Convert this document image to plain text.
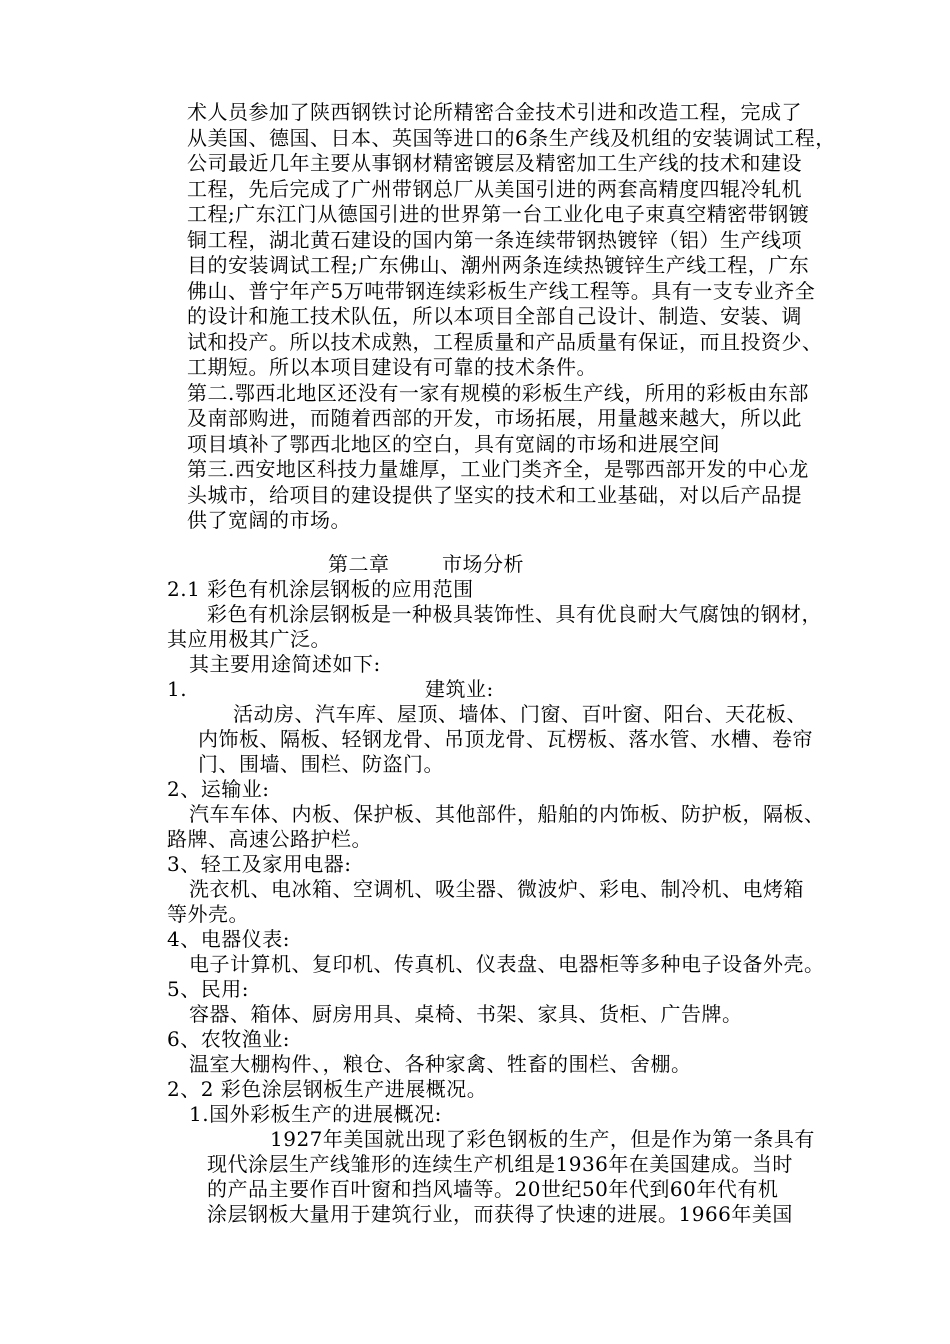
术人员参加了陕西钢铁讨论所精密合金技术引进和改造工程，完成了

从美国、德国、日本、英国等进口的6条生产线及机组的安装调试工程，

公司最近几年主要从事钢材精密镀层及精密加工生产线的技术和建设

工程，先后完成了广州带钢总厂从美国引进的两套高精度四辊冷轧机

工程;广东江门从德国引进的世界第一台工业化电子束真空精密带钢镀

铜工程，湖北黄石建设的国内第一条连续带钢热镀锌（铝）生产线项

目的安装调试工程;广东佛山、潮州两条连续热镀锌生产线工程，广东

佛山、普宁年产5万吨带钢连续彩板生产线工程等。具有一支专业齐全

的设计和施工技术队伍，所以本项目全部自己设计、制造、安装、调

试和投产。所以技术成熟，工程质量和产品质量有保证，而且投资少、

工期短。所以本项目建设有可靠的技术条件。

第二.鄂西北地区还没有一家有规模的彩板生产线，所用的彩板由东部

及南部购进，而随着西部的开发，市场拓展，用量越来越大，所以此

项目填补了鄂西北地区的空白，具有宽阔的市场和进展空间

第三.西安地区科技力量雄厚，工业门类齐全，是鄂西部开发的中心龙

头城市，给项目的建设提供了坚实的技术和工业基础，对以后产品提

供了宽阔的市场。

第二章	市场分析

2.1 彩色有机涂层钢板的应用范围

彩色有机涂层钢板是一种极具装饰性、具有优良耐大气腐蚀的钢材，

其应用极其广泛。

其主要用途简述如下:

1.	建筑业:

活动房、汽车库、屋顶、墙体、门窗、百叶窗、阳台、天花板、

内饰板、隔板、轻钢龙骨、吊顶龙骨、瓦楞板、落水管、水槽、卷帘

门、围墙、围栏、防盗门。

2、运输业:

汽车车体、内板、保护板、其他部件，船舶的内饰板、防护板，隔板、

路牌、高速公路护栏。

3、轻工及家用电器:

洗衣机、电冰箱、空调机、吸尘器、微波炉、彩电、制冷机、电烤箱

等外壳。

4、电器仪表:

电子计算机、复印机、传真机、仪表盘、电器柜等多种电子设备外壳。

5、民用:

容器、箱体、厨房用具、桌椅、书架、家具、货柜、广告牌。

6、农牧渔业:

温室大棚构件、，粮仓、各种家禽、牲畜的围栏、舍棚。

2、2 彩色涂层钢板生产进展概况。

1.国外彩板生产的进展概况:

1927年美国就出现了彩色钢板的生产，但是作为第一条具有

现代涂层生产线雏形的连续生产机组是1936年在美国建成。当时

的产品主要作百叶窗和挡风墙等。20世纪50年代到60年代有机

涂层钢板大量用于建筑行业，而获得了快速的进展。1966年美国
